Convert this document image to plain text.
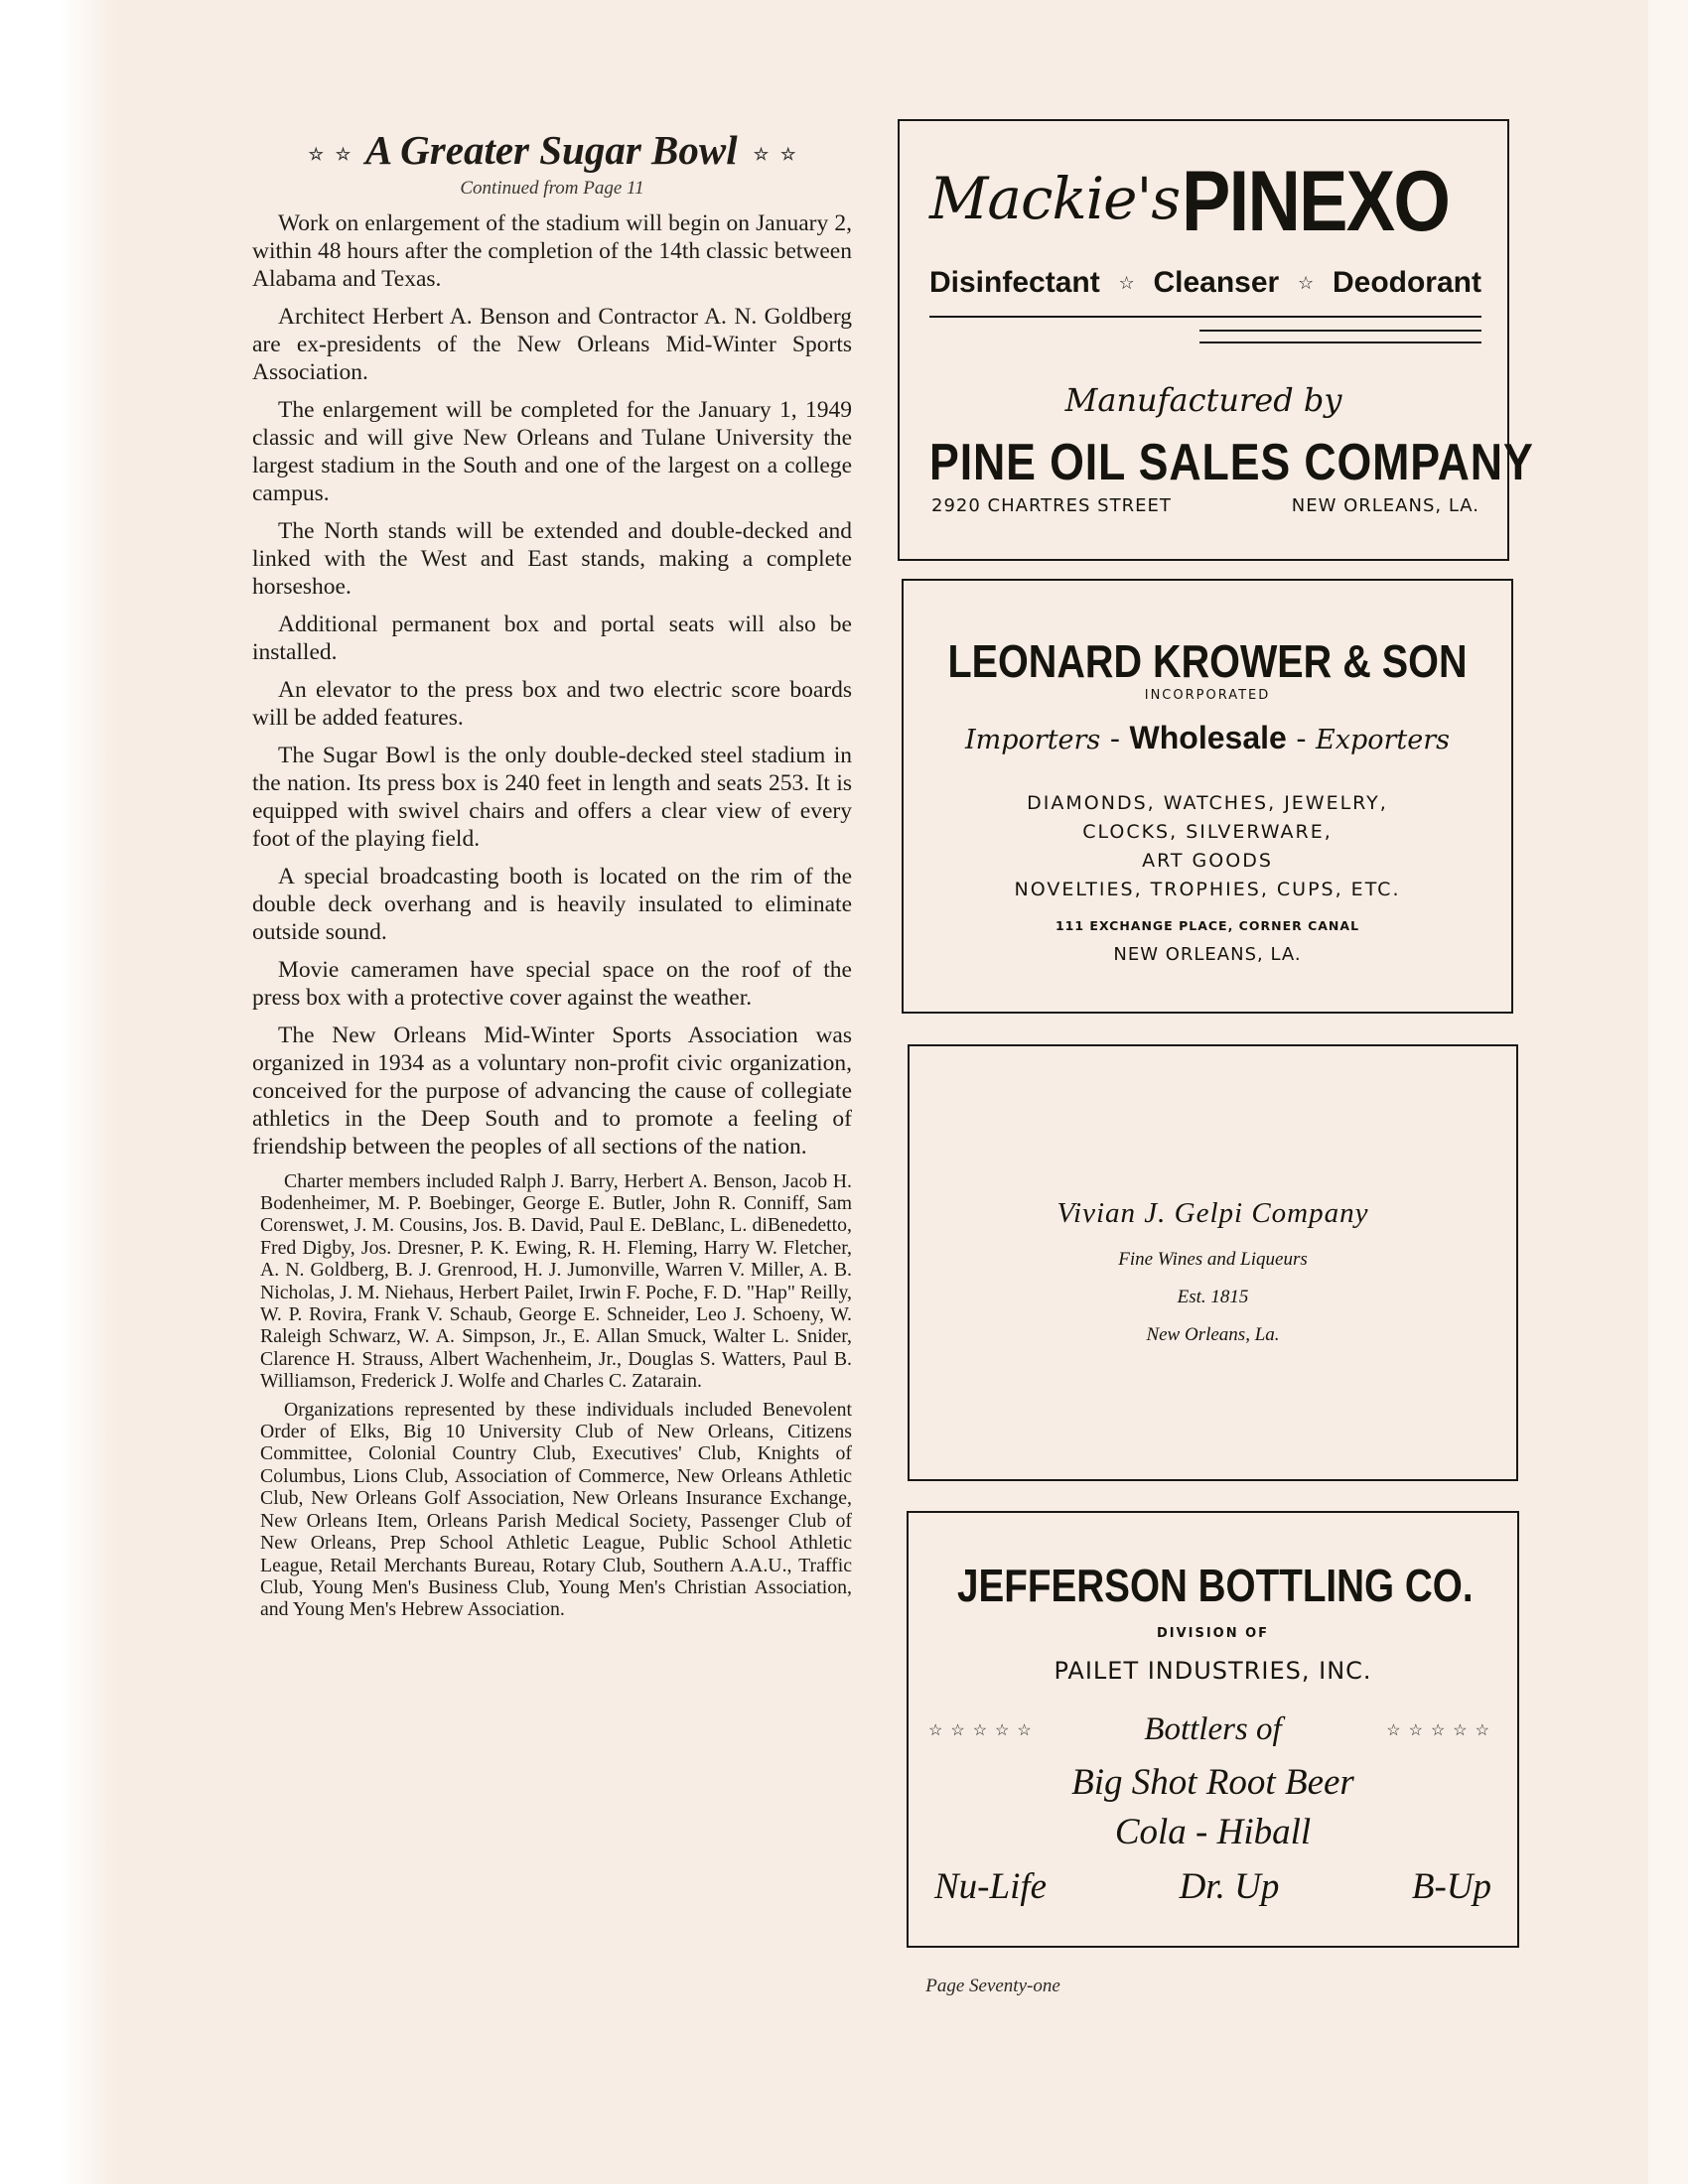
☆ ☆ A Greater Sugar Bowl ☆ ☆

Continued from Page 11

Work on enlargement of the stadium will begin on January 2, within 48 hours after the completion of the 14th classic between Alabama and Texas.

Architect Herbert A. Benson and Contractor A. N. Goldberg are ex-presidents of the New Orleans Mid-Winter Sports Association.

The enlargement will be completed for the January 1, 1949 classic and will give New Orleans and Tulane University the largest stadium in the South and one of the largest on a college campus.

The North stands will be extended and double-decked and linked with the West and East stands, making a complete horseshoe.

Additional permanent box and portal seats will also be installed.

An elevator to the press box and two electric score boards will be added features.

The Sugar Bowl is the only double-decked steel stadium in the nation. Its press box is 240 feet in length and seats 253. It is equipped with swivel chairs and offers a clear view of every foot of the playing field.

A special broadcasting booth is located on the rim of the double deck overhang and is heavily insulated to eliminate outside sound.

Movie cameramen have special space on the roof of the press box with a protective cover against the weather.

The New Orleans Mid-Winter Sports Association was organized in 1934 as a voluntary non-profit civic organization, conceived for the purpose of advancing the cause of collegiate athletics in the Deep South and to promote a feeling of friendship between the peoples of all sections of the nation.

Charter members included Ralph J. Barry, Herbert A. Benson, Jacob H. Bodenheimer, M. P. Boebinger, George E. Butler, John R. Conniff, Sam Corenswet, J. M. Cousins, Jos. B. David, Paul E. DeBlanc, L. diBenedetto, Fred Digby, Jos. Dresner, P. K. Ewing, R. H. Fleming, Harry W. Fletcher, A. N. Goldberg, B. J. Grenrood, H. J. Jumonville, Warren V. Miller, A. B. Nicholas, J. M. Niehaus, Herbert Pailet, Irwin F. Poche, F. D. "Hap" Reilly, W. P. Rovira, Frank V. Schaub, George E. Schneider, Leo J. Schoeny, W. Raleigh Schwarz, W. A. Simpson, Jr., E. Allan Smuck, Walter L. Snider, Clarence H. Strauss, Albert Wachenheim, Jr., Douglas S. Watters, Paul B. Williamson, Frederick J. Wolfe and Charles C. Zatarain.

Organizations represented by these individuals included Benevolent Order of Elks, Big 10 University Club of New Orleans, Citizens Committee, Colonial Country Club, Executives' Club, Knights of Columbus, Lions Club, Association of Commerce, New Orleans Athletic Club, New Orleans Golf Association, New Orleans Insurance Exchange, New Orleans Item, Orleans Parish Medical Society, Passenger Club of New Orleans, Prep School Athletic League, Public School Athletic League, Retail Merchants Bureau, Rotary Club, Southern A.A.U., Traffic Club, Young Men's Business Club, Young Men's Christian Association, and Young Men's Hebrew Association.

Page Seventy-one
Mackie's PINEXO
Disinfectant ☆ Cleanser ☆ Deodorant
Manufactured by
PINE OIL SALES COMPANY
2920 CHARTRES STREET	NEW ORLEANS, LA.
LEONARD KROWER & SON
INCORPORATED
Importers - Wholesale - Exporters
DIAMONDS, WATCHES, JEWELRY,
CLOCKS, SILVERWARE,
ART GOODS
NOVELTIES, TROPHIES, CUPS, ETC.
111 EXCHANGE PLACE, CORNER CANAL
NEW ORLEANS, LA.
Vivian J. Gelpi Company
Fine Wines and Liqueurs
Est. 1815
New Orleans, La.
JEFFERSON BOTTLING CO.
DIVISION OF
PAILET INDUSTRIES, INC.
☆☆☆☆☆	Bottlers of	☆☆☆☆☆
Big Shot Root Beer
Cola - Hiball
Nu-Life	Dr. Up	B-Up
